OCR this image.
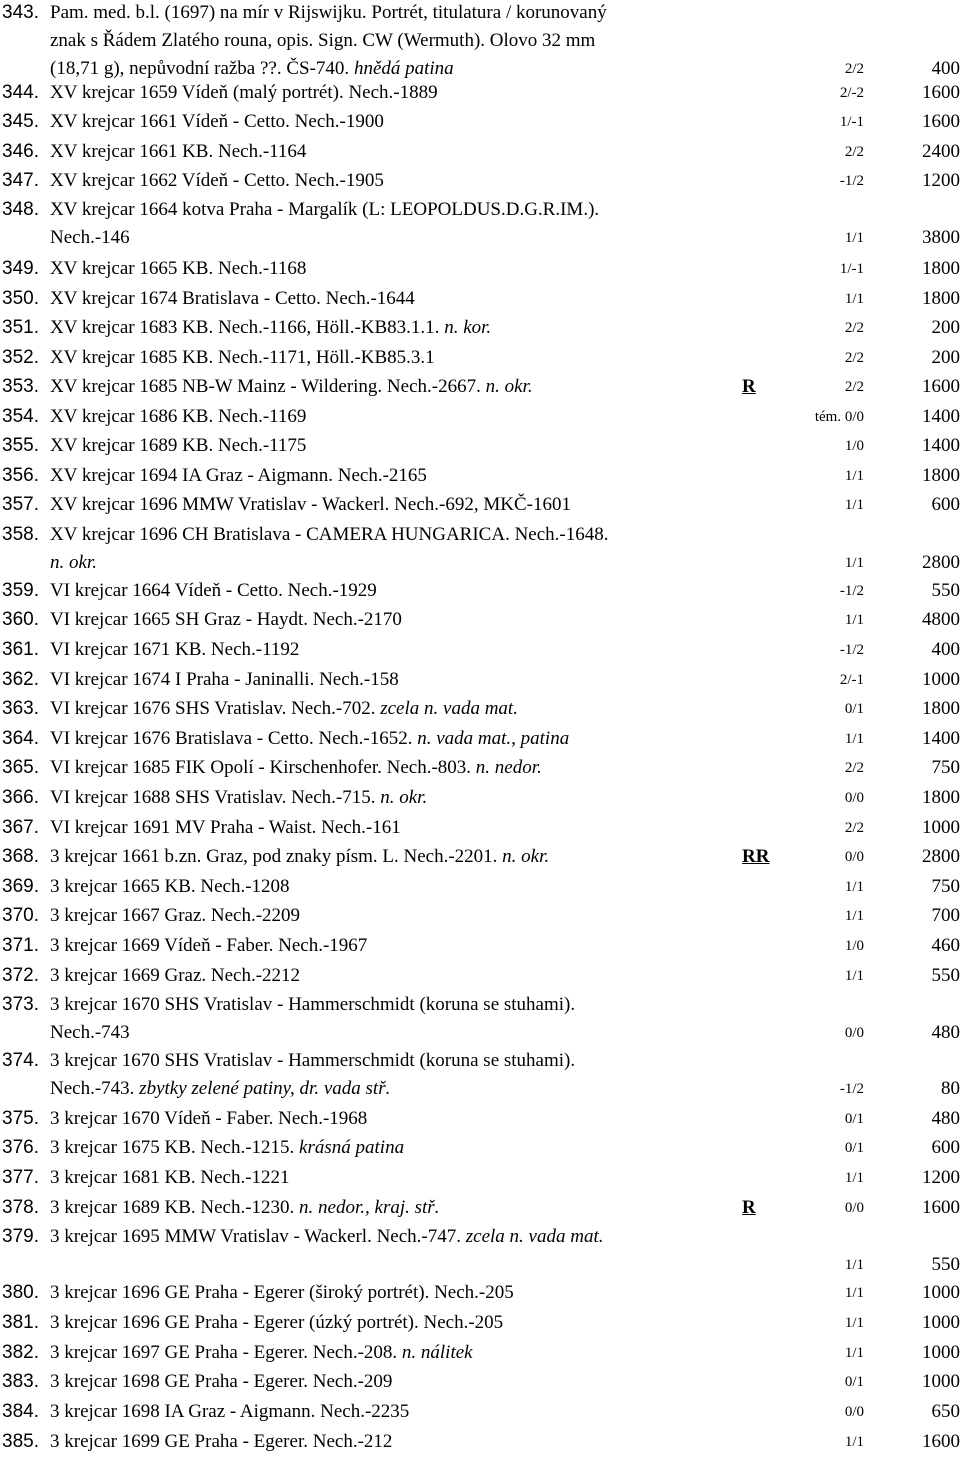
343. Pam. med. b.l. (1697) na mír v Rijswijku. Portrét, titulatura / korunovaný
znak s Řádem Zlatého rouna, opis. Sign. CW (Wermuth). Olovo 32 mm
(18,71 g), nepůvodní ražba ??. ČS-740. hnědá patina	2/2	400
344. XV krejcar 1659 Vídeň (malý portrét). Nech.-1889	2/-2	1600
345. XV krejcar 1661 Vídeň - Cetto. Nech.-1900	1/-1	1600
346. XV krejcar 1661 KB. Nech.-1164	2/2	2400
347. XV krejcar 1662 Vídeň - Cetto. Nech.-1905	-1/2	1200
348. XV krejcar 1664 kotva Praha - Margalík (L: LEOPOLDUS.D.G.R.IM.).
Nech.-146	1/1	3800
349. XV krejcar 1665 KB. Nech.-1168	1/-1	1800
350. XV krejcar 1674 Bratislava - Cetto. Nech.-1644	1/1	1800
351. XV krejcar 1683 KB. Nech.-1166, Höll.-KB83.1.1. n. kor.	2/2	200
352. XV krejcar 1685 KB. Nech.-1171, Höll.-KB85.3.1	2/2	200
353. XV krejcar 1685 NB-W Mainz - Wildering. Nech.-2667. n. okr.	R	2/2	1600
354. XV krejcar 1686 KB. Nech.-1169	tém. 0/0	1400
355. XV krejcar 1689 KB. Nech.-1175	1/0	1400
356. XV krejcar 1694 IA Graz - Aigmann. Nech.-2165	1/1	1800
357. XV krejcar 1696 MMW Vratislav - Wackerl. Nech.-692, MKČ-1601	1/1	600
358. XV krejcar 1696 CH Bratislava - CAMERA HUNGARICA. Nech.-1648.
n. okr.	1/1	2800
359. VI krejcar 1664 Vídeň - Cetto. Nech.-1929	-1/2	550
360. VI krejcar 1665 SH Graz - Haydt. Nech.-2170	1/1	4800
361. VI krejcar 1671 KB. Nech.-1192	-1/2	400
362. VI krejcar 1674 I Praha - Janinalli. Nech.-158	2/-1	1000
363. VI krejcar 1676 SHS Vratislav. Nech.-702. zcela n. vada mat.	0/1	1800
364. VI krejcar 1676 Bratislava - Cetto. Nech.-1652. n. vada mat., patina	1/1	1400
365. VI krejcar 1685 FIK Opolí - Kirschenhofer. Nech.-803. n. nedor.	2/2	750
366. VI krejcar 1688 SHS Vratislav. Nech.-715. n. okr.	0/0	1800
367. VI krejcar 1691 MV Praha - Waist. Nech.-161	2/2	1000
368. 3 krejcar 1661 b.zn. Graz, pod znaky písm. L. Nech.-2201. n. okr.	RR	0/0	2800
369. 3 krejcar 1665 KB. Nech.-1208	1/1	750
370. 3 krejcar 1667 Graz. Nech.-2209	1/1	700
371. 3 krejcar 1669 Vídeň - Faber. Nech.-1967	1/0	460
372. 3 krejcar 1669 Graz. Nech.-2212	1/1	550
373. 3 krejcar 1670 SHS Vratislav - Hammerschmidt (koruna se stuhami).
Nech.-743	0/0	480
374. 3 krejcar 1670 SHS Vratislav - Hammerschmidt (koruna se stuhami).
Nech.-743. zbytky zelené patiny, dr. vada stř.	-1/2	80
375. 3 krejcar 1670 Vídeň - Faber. Nech.-1968	0/1	480
376. 3 krejcar 1675 KB. Nech.-1215. krásná patina	0/1	600
377. 3 krejcar 1681 KB. Nech.-1221	1/1	1200
378. 3 krejcar 1689 KB. Nech.-1230. n. nedor., kraj. stř.	R	0/0	1600
379. 3 krejcar 1695 MMW Vratislav - Wackerl. Nech.-747. zcela n. vada mat.
1/1	550
380. 3 krejcar 1696 GE Praha - Egerer (široký portrét). Nech.-205	1/1	1000
381. 3 krejcar 1696 GE Praha - Egerer (úzký portrét). Nech.-205	1/1	1000
382. 3 krejcar 1697 GE Praha - Egerer. Nech.-208. n. nálitek	1/1	1000
383. 3 krejcar 1698 GE Praha - Egerer. Nech.-209	0/1	1000
384. 3 krejcar 1698 IA Graz - Aigmann. Nech.-2235	0/0	650
385. 3 krejcar 1699 GE Praha - Egerer. Nech.-212	1/1	1600
